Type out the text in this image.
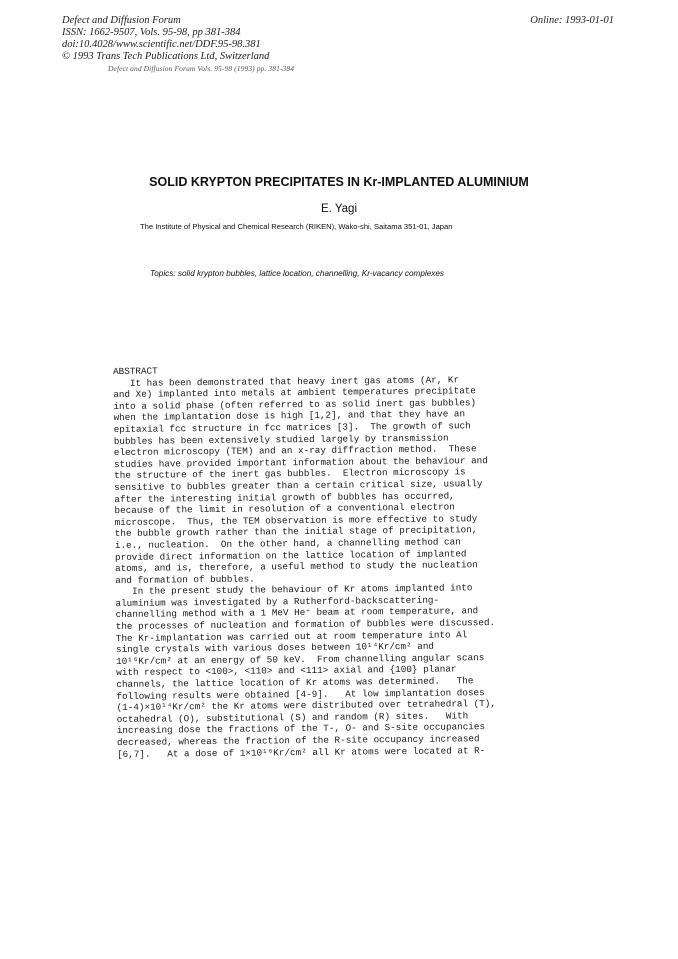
Defect and Diffusion Forum
ISSN: 1662-9507, Vols. 95-98, pp 381-384
doi:10.4028/www.scientific.net/DDF.95-98.381
© 1993 Trans Tech Publications Ltd, Switzerland
Online: 1993-01-01
Defect and Diffusion Forum Vols. 95-98 (1993) pp. 381-384
SOLID KRYPTON PRECIPITATES IN Kr-IMPLANTED ALUMINIUM
E. Yagi
The Institute of Physical and Chemical Research (RIKEN), Wako-shi, Saitama 351-01, Japan
Topics: solid krypton bubbles, lattice location, channelling, Kr-vacancy complexes
ABSTRACT
It has been demonstrated that heavy inert gas atoms (Ar, Kr
and Xe) implanted into metals at ambient temperatures precipitate
into a solid phase (often referred to as solid inert gas bubbles)
when the implantation dose is high [1,2], and that they have an
epitaxial fcc structure in fcc matrices [3].  The growth of such
bubbles has been extensively studied largely by transmission
electron microscopy (TEM) and an x-ray diffraction method.  These
studies have provided important information about the behaviour and
the structure of the inert gas bubbles.  Electron microscopy is
sensitive to bubbles greater than a certain critical size, usually
after the interesting initial growth of bubbles has occurred,
because of the limit in resolution of a conventional electron
microscope.  Thus, the TEM observation is more effective to study
the bubble growth rather than the initial stage of precipitation,
i.e., nucleation.  On the other hand, a channelling method can
provide direct information on the lattice location of implanted
atoms, and is, therefore, a useful method to study the nucleation
and formation of bubbles.
In the present study the behaviour of Kr atoms implanted into
aluminium was investigated by a Rutherford-backscattering-
channelling method with a 1 MeV He⁺ beam at room temperature, and
the processes of nucleation and formation of bubbles were discussed.
The Kr-implantation was carried out at room temperature into Al
single crystals with various doses between 10¹⁴Kr/cm² and
10¹⁶Kr/cm² at an energy of 50 keV.  From channelling angular scans
with respect to <100>, <110> and <111> axial and {100} planar
channels, the lattice location of Kr atoms was determined.   The
following results were obtained [4-9].   At low implantation doses
(1-4)×10¹⁴Kr/cm² the Kr atoms were distributed over tetrahedral (T),
octahedral (O), substitutional (S) and random (R) sites.   With
increasing dose the fractions of the T-, O- and S-site occupancies
decreased, whereas the fraction of the R-site occupancy increased
[6,7].   At a dose of 1×10¹⁶Kr/cm² all Kr atoms were located at R-
